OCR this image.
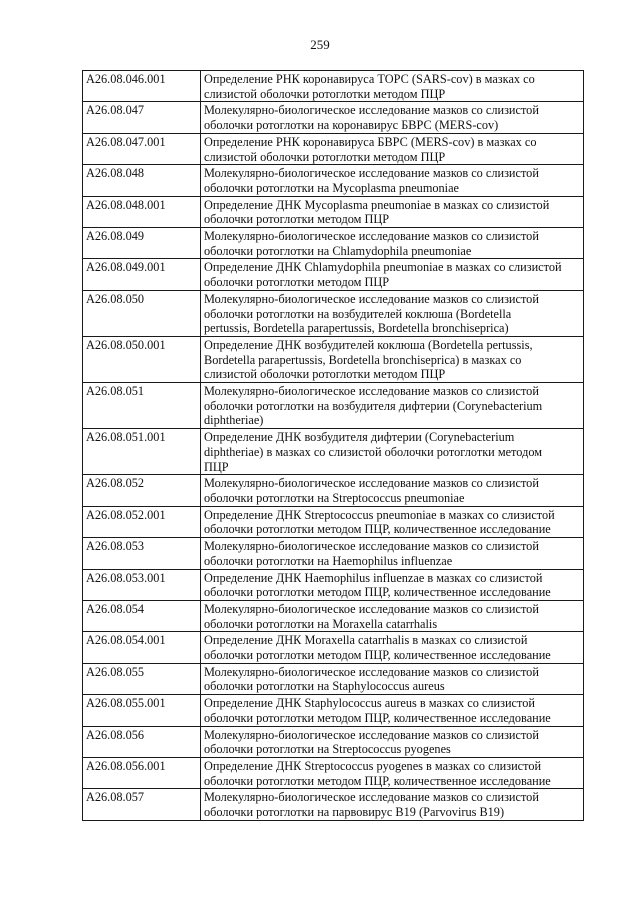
259
A26.08.046.001	Определение РНК коронавируса ТОРС (SARS-cov) в мазках со
слизистой оболочки ротоглотки методом ПЦР

A26.08.047	Молекулярно-биологическое исследование мазков со слизистой
оболочки ротоглотки на коронавирус БВРС (MERS-cov)

A26.08.047.001	Определение РНК коронавируса БВРС (MERS-cov) в мазках со
слизистой оболочки ротоглотки методом ПЦР

A26.08.048	Молекулярно-биологическое исследование мазков со слизистой
оболочки ротоглотки на Mycoplasma pneumoniae

A26.08.048.001	Определение ДНК Mycoplasma pneumoniae в мазках со слизистой
оболочки ротоглотки методом ПЦР

A26.08.049	Молекулярно-биологическое исследование мазков со слизистой
оболочки ротоглотки на Chlamydophila pneumoniae

A26.08.049.001	Определение ДНК Chlamydophila pneumoniae в мазках со слизистой
оболочки ротоглотки методом ПЦР

A26.08.050	Молекулярно-биологическое исследование мазков со слизистой
оболочки ротоглотки на возбудителей коклюша (Bordetella
pertussis, Bordetella parapertussis, Bordetella bronchiseprica)

A26.08.050.001	Определение ДНК возбудителей коклюша (Bordetella pertussis,
Bordetella parapertussis, Bordetella bronchiseprica) в мазках со
слизистой оболочки ротоглотки методом ПЦР

A26.08.051	Молекулярно-биологическое исследование мазков со слизистой
оболочки ротоглотки на возбудителя дифтерии (Corynebacterium
diphtheriae)

A26.08.051.001	Определение ДНК возбудителя дифтерии (Corynebacterium
diphtheriae) в мазках со слизистой оболочки ротоглотки методом
ПЦР

A26.08.052	Молекулярно-биологическое исследование мазков со слизистой
оболочки ротоглотки на Streptococcus pneumoniae

A26.08.052.001	Определение ДНК Streptococcus pneumoniae в мазках со слизистой
оболочки ротоглотки методом ПЦР, количественное исследование

A26.08.053	Молекулярно-биологическое исследование мазков со слизистой
оболочки ротоглотки на Haemophilus influenzae

A26.08.053.001	Определение ДНК Haemophilus influenzae в мазках со слизистой
оболочки ротоглотки методом ПЦР, количественное исследование

A26.08.054	Молекулярно-биологическое исследование мазков со слизистой
оболочки ротоглотки на Moraxella catarrhalis

A26.08.054.001	Определение ДНК Moraxella catarrhalis в мазках со слизистой
оболочки ротоглотки методом ПЦР, количественное исследование

A26.08.055	Молекулярно-биологическое исследование мазков со слизистой
оболочки ротоглотки на Staphylococcus aureus

A26.08.055.001	Определение ДНК Staphylococcus aureus в мазках со слизистой
оболочки ротоглотки методом ПЦР, количественное исследование

A26.08.056	Молекулярно-биологическое исследование мазков со слизистой
оболочки ротоглотки на Streptococcus pyogenes

A26.08.056.001	Определение ДНК Streptococcus pyogenes в мазках со слизистой
оболочки ротоглотки методом ПЦР, количественное исследование

A26.08.057	Молекулярно-биологическое исследование мазков со слизистой
оболочки ротоглотки на парвовирус В19 (Parvovirus B19)
